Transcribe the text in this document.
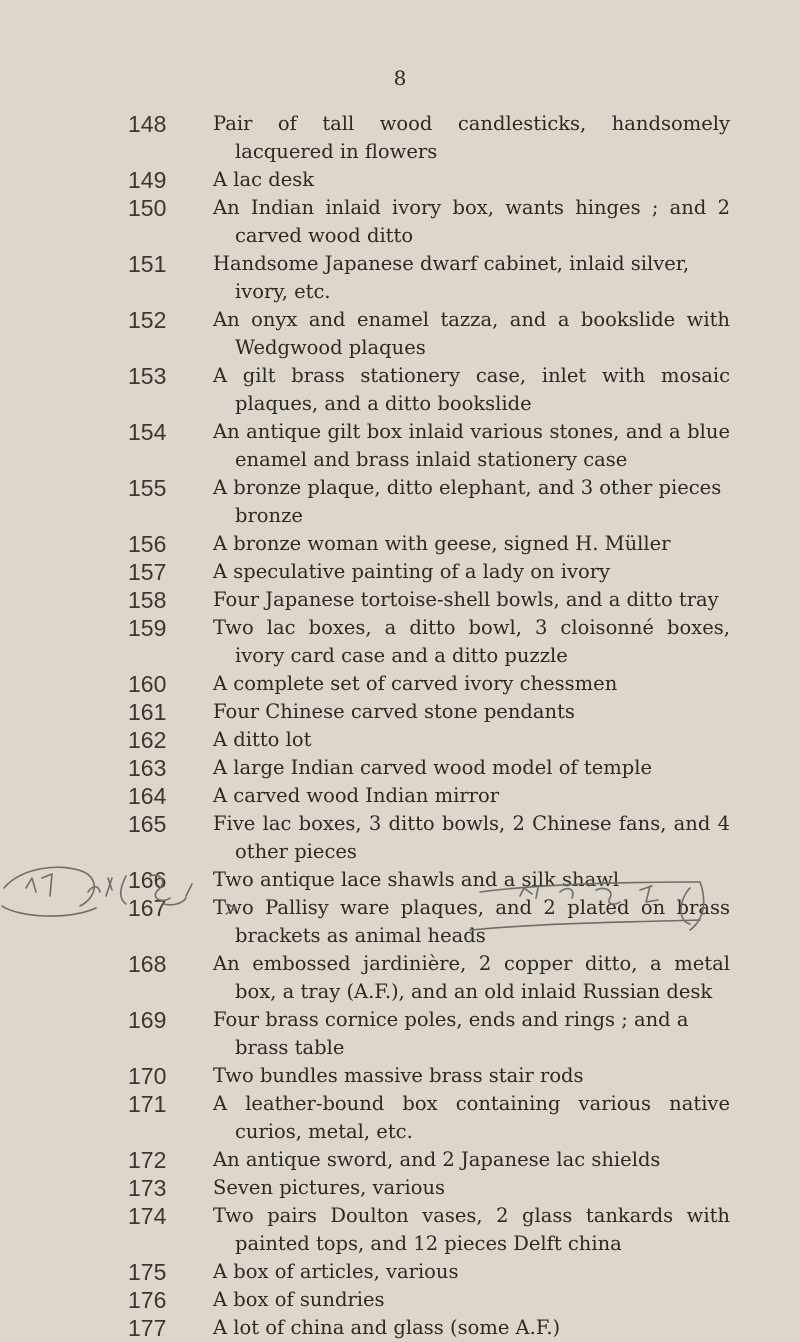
8
148	Pair of tall wood candlesticks, handsomely lacquered in flowers
149	A lac desk
150	An Indian inlaid ivory box, wants hinges ; and 2 carved wood ditto
151	Handsome Japanese dwarf cabinet, inlaid silver, ivory, etc.
152	An onyx and enamel tazza, and a bookslide with Wedgwood plaques
153	A gilt brass stationery case, inlet with mosaic plaques, and a ditto bookslide
154	An antique gilt box inlaid various stones, and a blue enamel and brass inlaid stationery case
155	A bronze plaque, ditto elephant, and 3 other pieces bronze
156	A bronze woman with geese, signed H. Müller
157	A speculative painting of a lady on ivory
158	Four Japanese tortoise-shell bowls, and a ditto tray
159	Two lac boxes, a ditto bowl, 3 cloisonné boxes, ivory card case and a ditto puzzle
160	A complete set of carved ivory chessmen
161	Four Chinese carved stone pendants
162	A ditto lot
163	A large Indian carved wood model of temple
164	A carved wood Indian mirror
165	Five lac boxes, 3 ditto bowls, 2 Chinese fans, and 4 other pieces
166	Two antique lace shawls and a silk shawl
167	Two Pallisy ware plaques, and 2 plated on brass brackets as animal heads
168	An embossed jardinière, 2 copper ditto, a metal box, a tray (A.F.), and an old inlaid Russian desk
169	Four brass cornice poles, ends and rings ; and a brass table
170	Two bundles massive brass stair rods
171	A leather-bound box containing various native curios, metal, etc.
172	An antique sword, and 2 Japanese lac shields
173	Seven pictures, various
174	Two pairs Doulton vases, 2 glass tankards with painted tops, and 12 pieces Delft china
175	A box of articles, various
176	A box of sundries
177	A lot of china and glass (some A.F.)
